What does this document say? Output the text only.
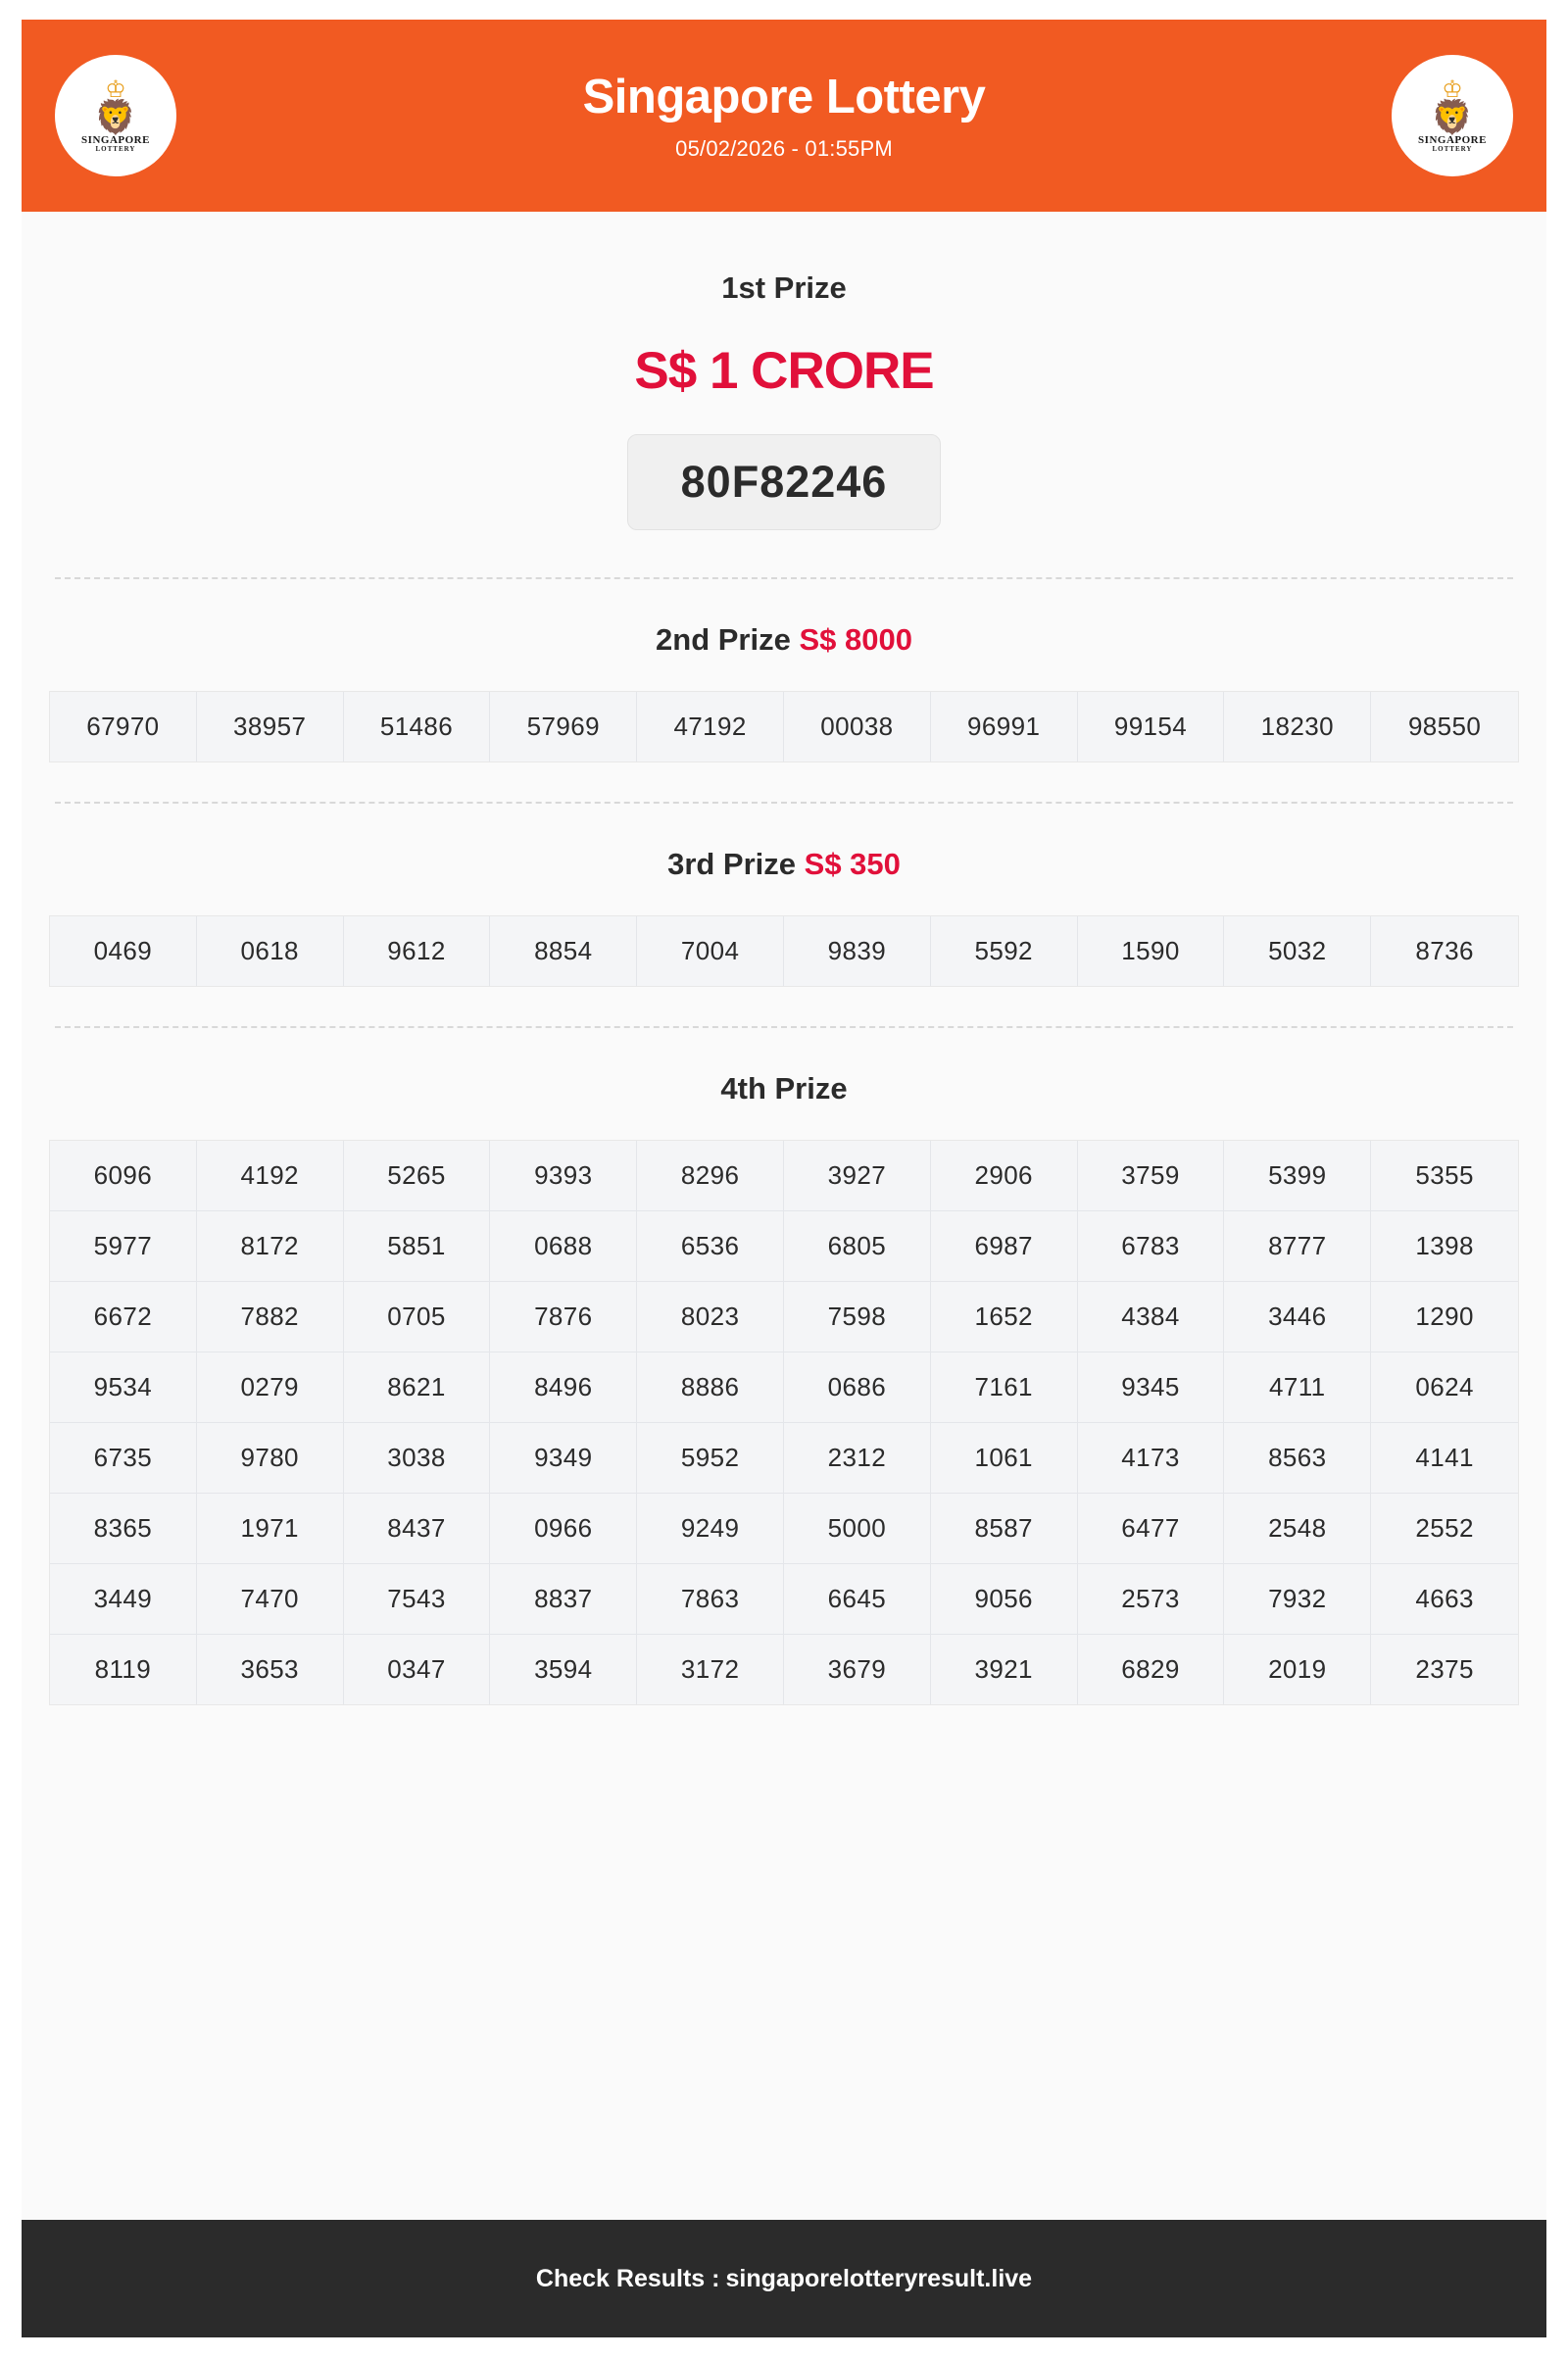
♔
🦁
SINGAPORE
LOTTERY
Singapore Lottery
05/02/2026 - 01:55PM
♔
🦁
SINGAPORE
LOTTERY
1st Prize
S$ 1 CRORE
80F82246
2nd Prize S$ 8000
67970	38957	51486	57969	47192	00038	96991	99154	18230	98550
3rd Prize S$ 350
0469	0618	9612	8854	7004	9839	5592	1590	5032	8736
4th Prize
6096	4192	5265	9393	8296	3927	2906	3759	5399	5355
5977	8172	5851	0688	6536	6805	6987	6783	8777	1398
6672	7882	0705	7876	8023	7598	1652	4384	3446	1290
9534	0279	8621	8496	8886	0686	7161	9345	4711	0624
6735	9780	3038	9349	5952	2312	1061	4173	8563	4141
8365	1971	8437	0966	9249	5000	8587	6477	2548	2552
3449	7470	7543	8837	7863	6645	9056	2573	7932	4663
8119	3653	0347	3594	3172	3679	3921	6829	2019	2375
Check Results : singaporelotteryresult.live
